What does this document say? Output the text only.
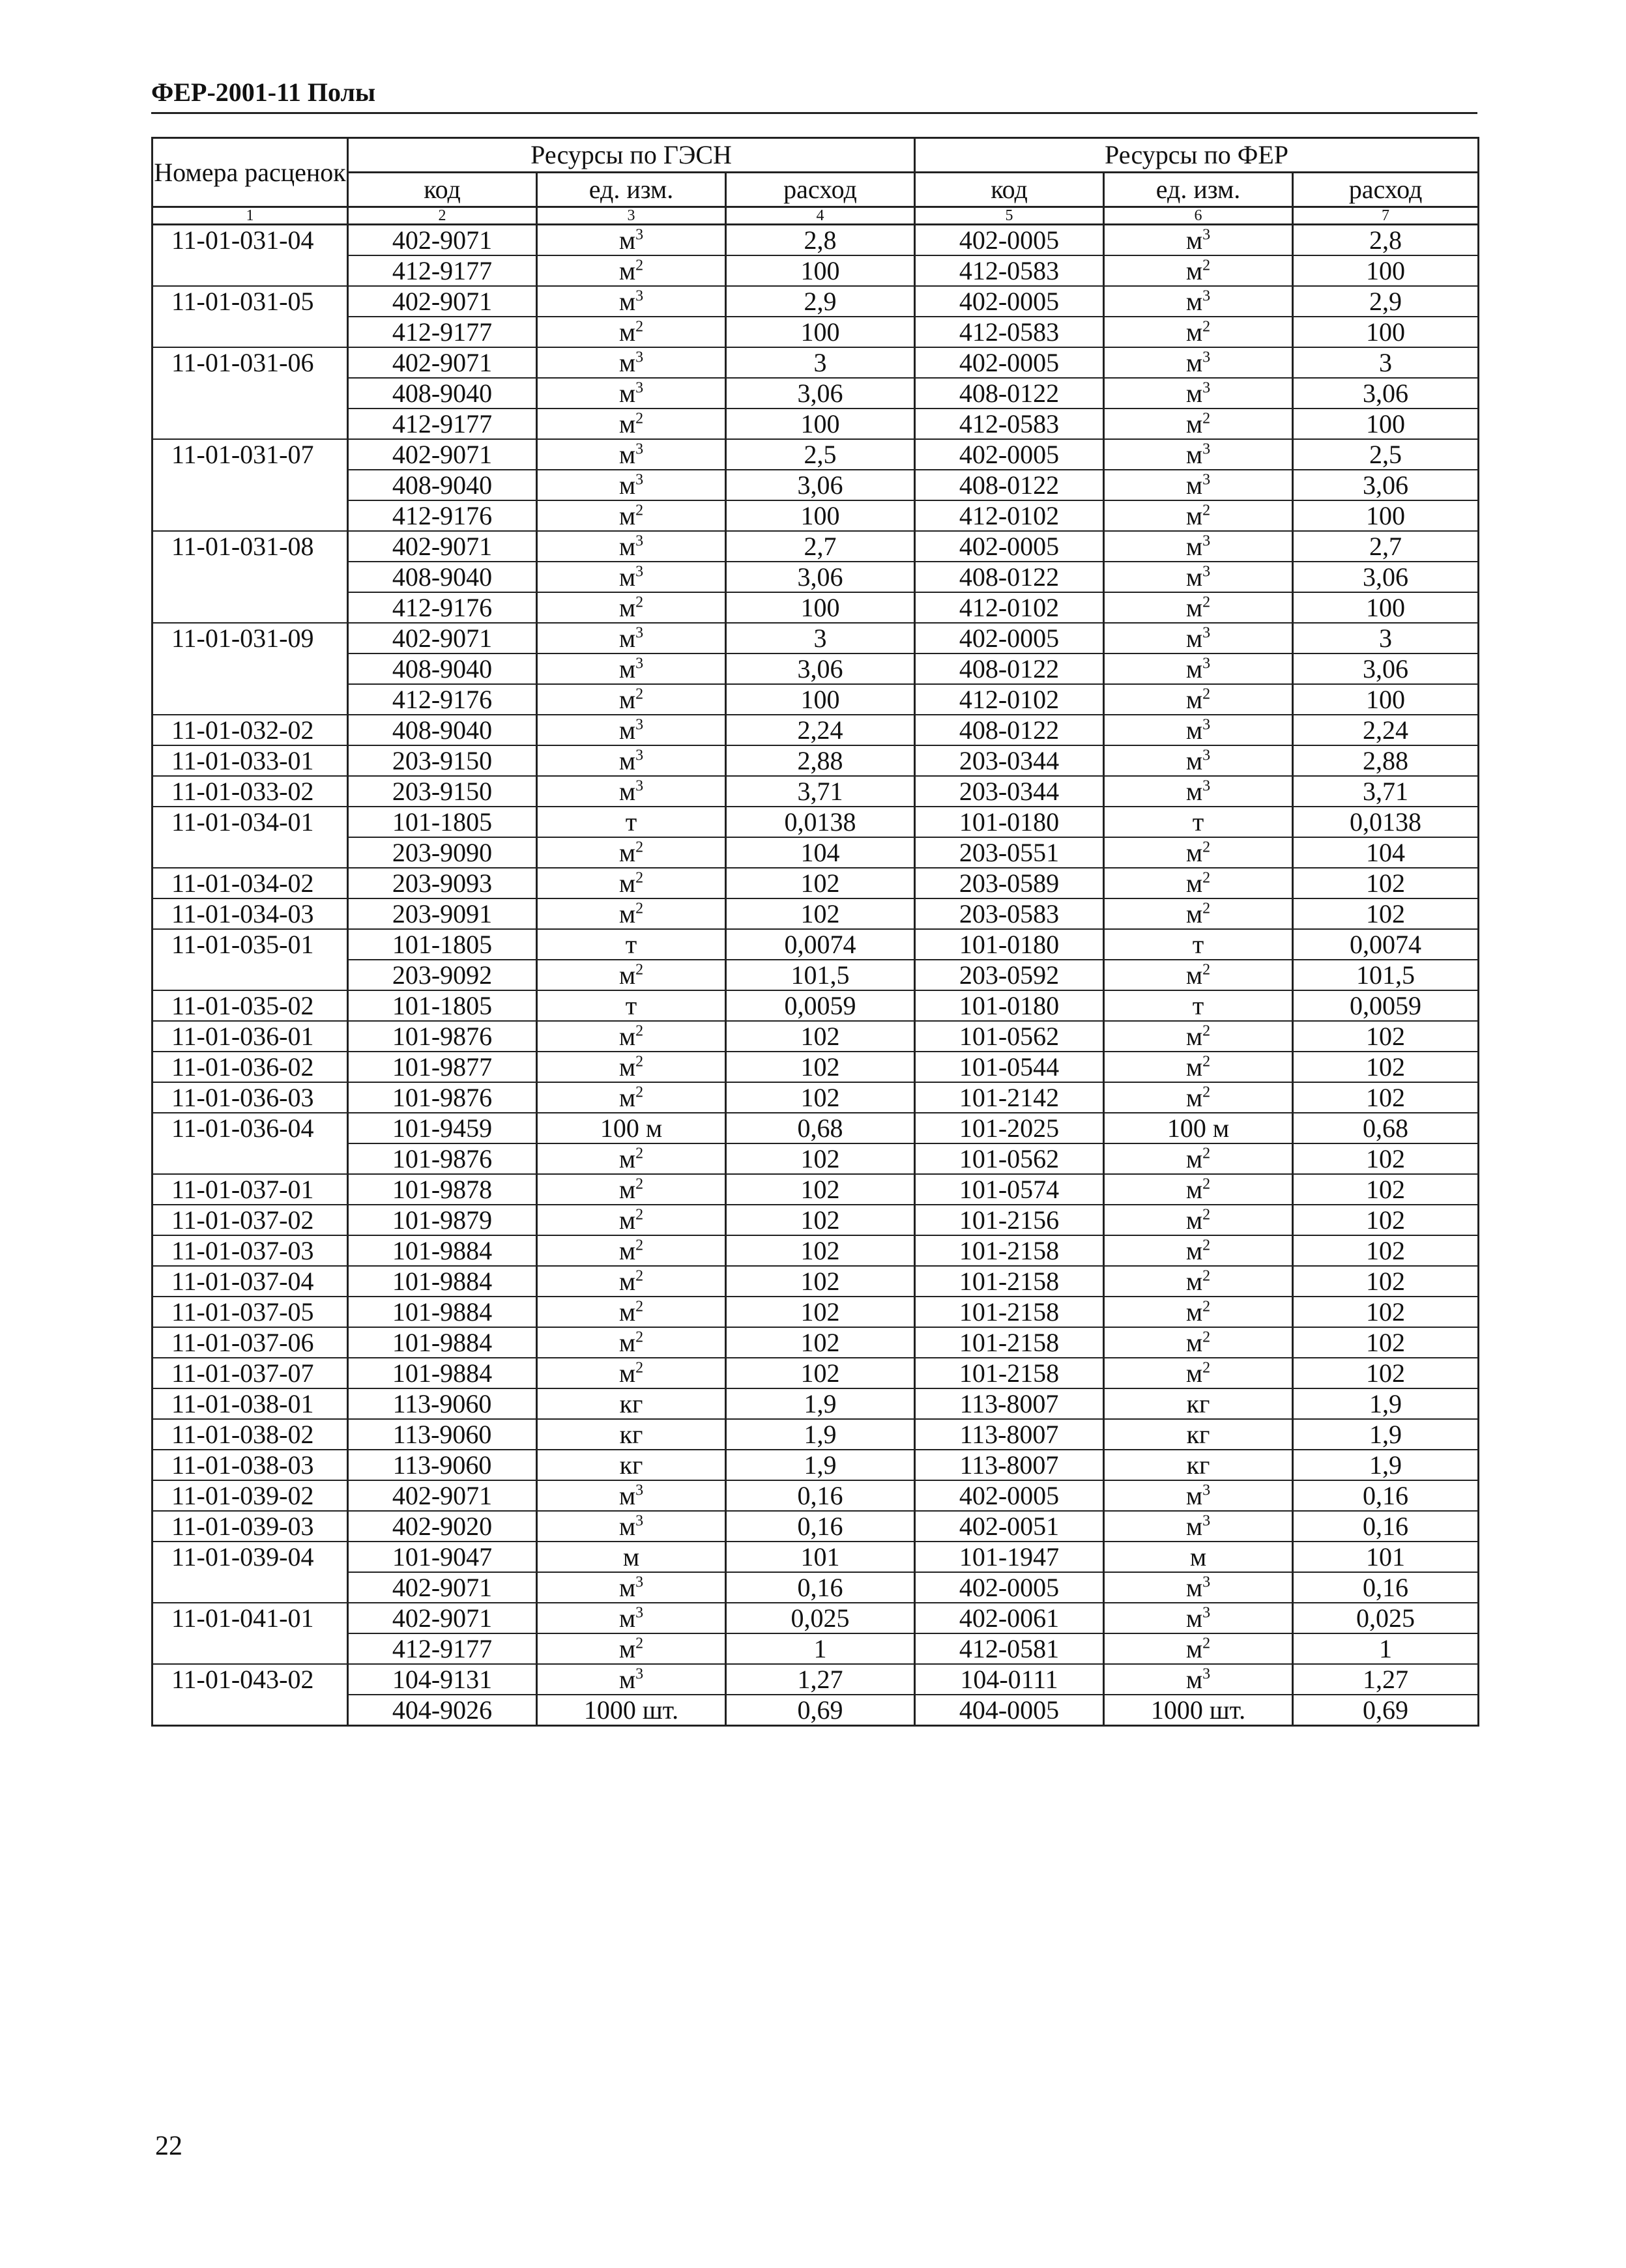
ФЕР-2001-11 Полы
Номера расценок	Ресурсы по ГЭСН			Ресурсы по ФЕР		
	код	ед. изм.	расход	код	ед. изм.	расход
1	2	3	4	5	6	7
11-01-031-04	402-9071	$м^3$	2,8	402-0005	$м^3$	2,8
	412-9177	$м^2$	100	412-0583	$м^2$	100
11-01-031-05	402-9071	$м^3$	2,9	402-0005	$м^3$	2,9
	412-9177	$м^2$	100	412-0583	$м^2$	100
11-01-031-06	402-9071	$м^3$	3	402-0005	$м^3$	3
	408-9040	$м^3$	3,06	408-0122	$м^3$	3,06
	412-9177	$м^2$	100	412-0583	$м^2$	100
11-01-031-07	402-9071	$м^3$	2,5	402-0005	$м^3$	2,5
	408-9040	$м^3$	3,06	408-0122	$м^3$	3,06
	412-9176	$м^2$	100	412-0102	$м^2$	100
11-01-031-08	402-9071	$м^3$	2,7	402-0005	$м^3$	2,7
	408-9040	$м^3$	3,06	408-0122	$м^3$	3,06
	412-9176	$м^2$	100	412-0102	$м^2$	100
11-01-031-09	402-9071	$м^3$	3	402-0005	$м^3$	3
	408-9040	$м^3$	3,06	408-0122	$м^3$	3,06
	412-9176	$м^2$	100	412-0102	$м^2$	100
11-01-032-02	408-9040	$м^3$	2,24	408-0122	$м^3$	2,24
11-01-033-01	203-9150	$м^3$	2,88	203-0344	$м^3$	2,88
11-01-033-02	203-9150	$м^3$	3,71	203-0344	$м^3$	3,71
11-01-034-01	101-1805	т	0,0138	101-0180	т	0,0138
	203-9090	$м^2$	104	203-0551	$м^2$	104
11-01-034-02	203-9093	$м^2$	102	203-0589	$м^2$	102
11-01-034-03	203-9091	$м^2$	102	203-0583	$м^2$	102
11-01-035-01	101-1805	т	0,0074	101-0180	т	0,0074
	203-9092	$м^2$	101,5	203-0592	$м^2$	101,5
11-01-035-02	101-1805	т	0,0059	101-0180	т	0,0059
11-01-036-01	101-9876	$м^2$	102	101-0562	$м^2$	102
11-01-036-02	101-9877	$м^2$	102	101-0544	$м^2$	102
11-01-036-03	101-9876	$м^2$	102	101-2142	$м^2$	102
11-01-036-04	101-9459	100 м	0,68	101-2025	100 м	0,68
	101-9876	$м^2$	102	101-0562	$м^2$	102
11-01-037-01	101-9878	$м^2$	102	101-0574	$м^2$	102
11-01-037-02	101-9879	$м^2$	102	101-2156	$м^2$	102
11-01-037-03	101-9884	$м^2$	102	101-2158	$м^2$	102
11-01-037-04	101-9884	$м^2$	102	101-2158	$м^2$	102
11-01-037-05	101-9884	$м^2$	102	101-2158	$м^2$	102
11-01-037-06	101-9884	$м^2$	102	101-2158	$м^2$	102
11-01-037-07	101-9884	$м^2$	102	101-2158	$м^2$	102
11-01-038-01	113-9060	кг	1,9	113-8007	кг	1,9
11-01-038-02	113-9060	кг	1,9	113-8007	кг	1,9
11-01-038-03	113-9060	кг	1,9	113-8007	кг	1,9
11-01-039-02	402-9071	$м^3$	0,16	402-0005	$м^3$	0,16
11-01-039-03	402-9020	$м^3$	0,16	402-0051	$м^3$	0,16
11-01-039-04	101-9047	м	101	101-1947	м	101
	402-9071	$м^3$	0,16	402-0005	$м^3$	0,16
11-01-041-01	402-9071	$м^3$	0,025	402-0061	$м^3$	0,025
	412-9177	$м^2$	1	412-0581	$м^2$	1
11-01-043-02	104-9131	$м^3$	1,27	104-0111	$м^3$	1,27
	404-9026	1000 шт.	0,69	404-0005	1000 шт.	0,69
22
